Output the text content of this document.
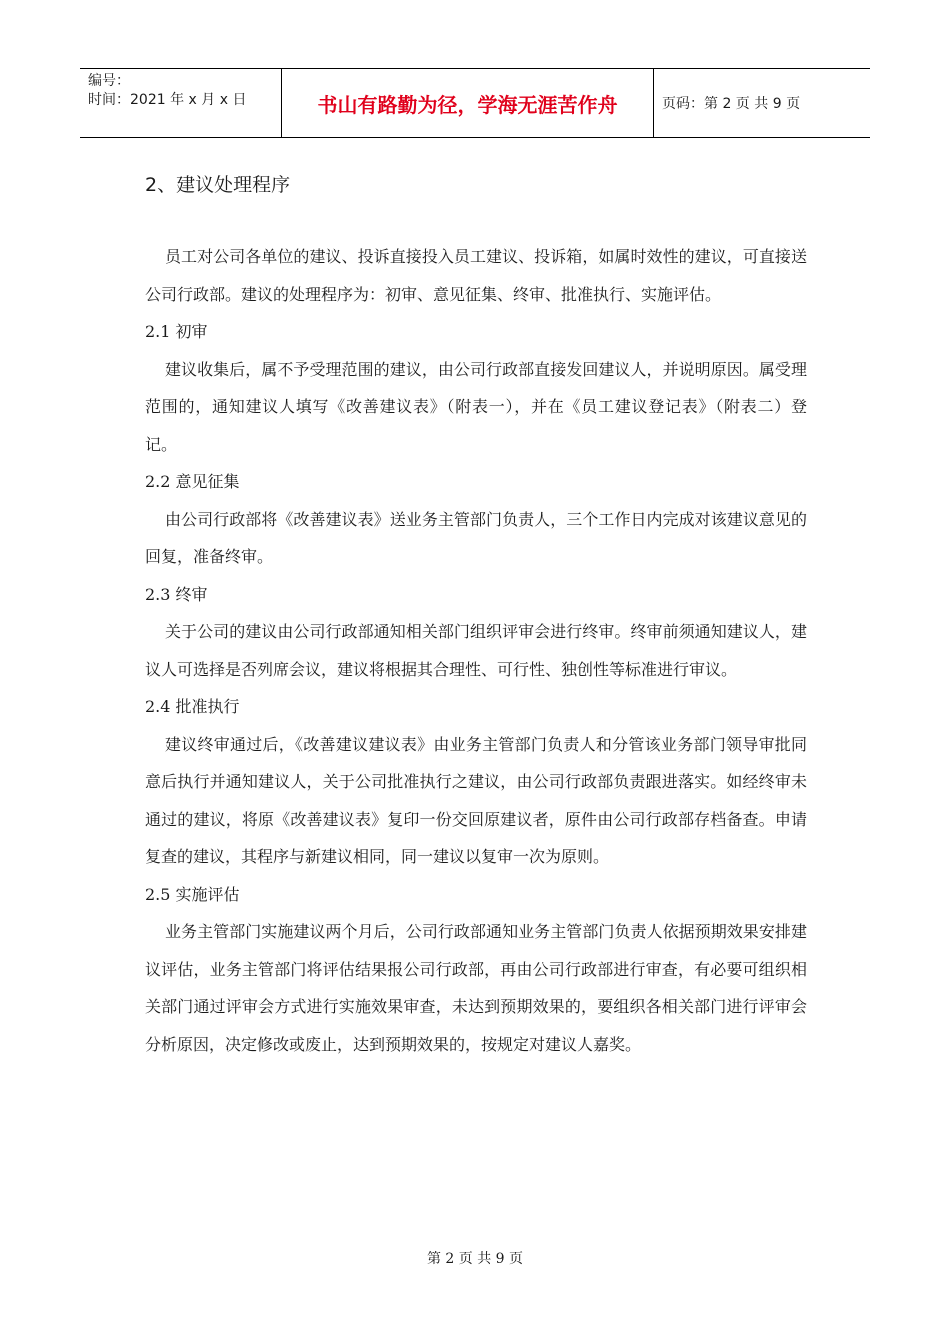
编号：
时间：2021 年 x 月 x 日	书山有路勤为径，学海无涯苦作舟	页码：第 2 页 共 9 页
2、建议处理程序

员工对公司各单位的建议、投诉直接投入员工建议、投诉箱，如属时效性的建议，可直接送公司行政部。建议的处理程序为：初审、意见征集、终审、批准执行、实施评估。

2.1 初审

建议收集后，属不予受理范围的建议，由公司行政部直接发回建议人，并说明原因。属受理范围的，通知建议人填写《改善建议表》（附表一），并在《员工建议登记表》（附表二）登记。

2.2 意见征集

由公司行政部将《改善建议表》送业务主管部门负责人，三个工作日内完成对该建议意见的回复，准备终审。

2.3 终审

关于公司的建议由公司行政部通知相关部门组织评审会进行终审。终审前须通知建议人，建议人可选择是否列席会议，建议将根据其合理性、可行性、独创性等标准进行审议。

2.4 批准执行

建议终审通过后，《改善建议建议表》由业务主管部门负责人和分管该业务部门领导审批同意后执行并通知建议人，关于公司批准执行之建议，由公司行政部负责跟进落实。如经终审未通过的建议，将原《改善建议表》复印一份交回原建议者，原件由公司行政部存档备查。申请复查的建议，其程序与新建议相同，同一建议以复审一次为原则。

2.5 实施评估

业务主管部门实施建议两个月后，公司行政部通知业务主管部门负责人依据预期效果安排建议评估，业务主管部门将评估结果报公司行政部，再由公司行政部进行审查，有必要可组织相关部门通过评审会方式进行实施效果审查，未达到预期效果的，要组织各相关部门进行评审会分析原因，决定修改或废止，达到预期效果的，按规定对建议人嘉奖。

第 2 页 共 9 页
